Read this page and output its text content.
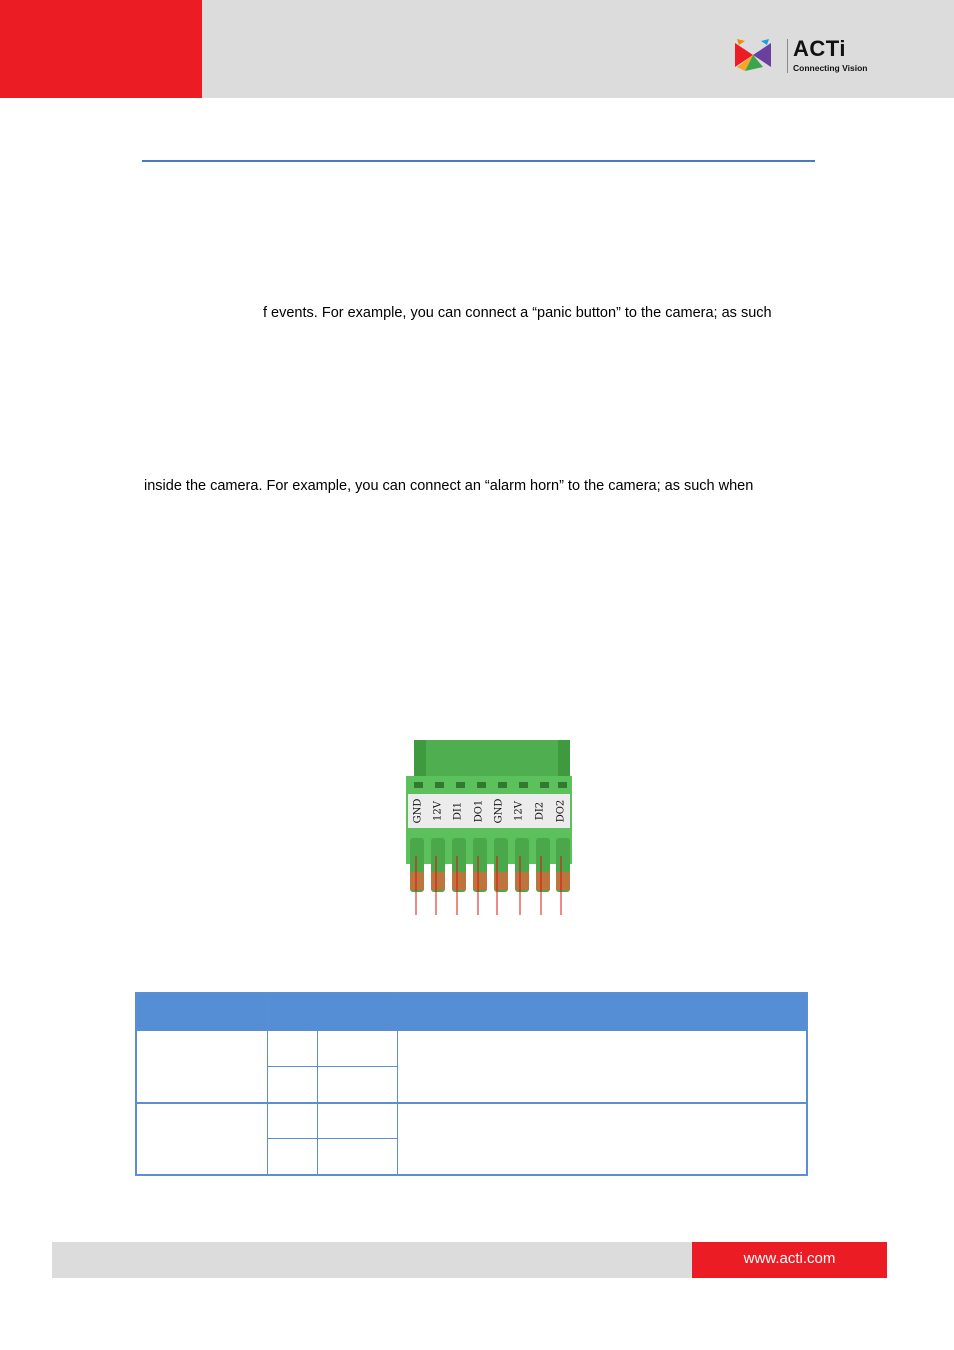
ACTi
Connecting Vision
f events. For example, you can connect a “panic button” to the camera; as such
inside the camera. For example, you can connect an “alarm horn” to the camera; as such when
GND 12V DI1 DO1 GND 12V DI2 DO2
www.acti.com
